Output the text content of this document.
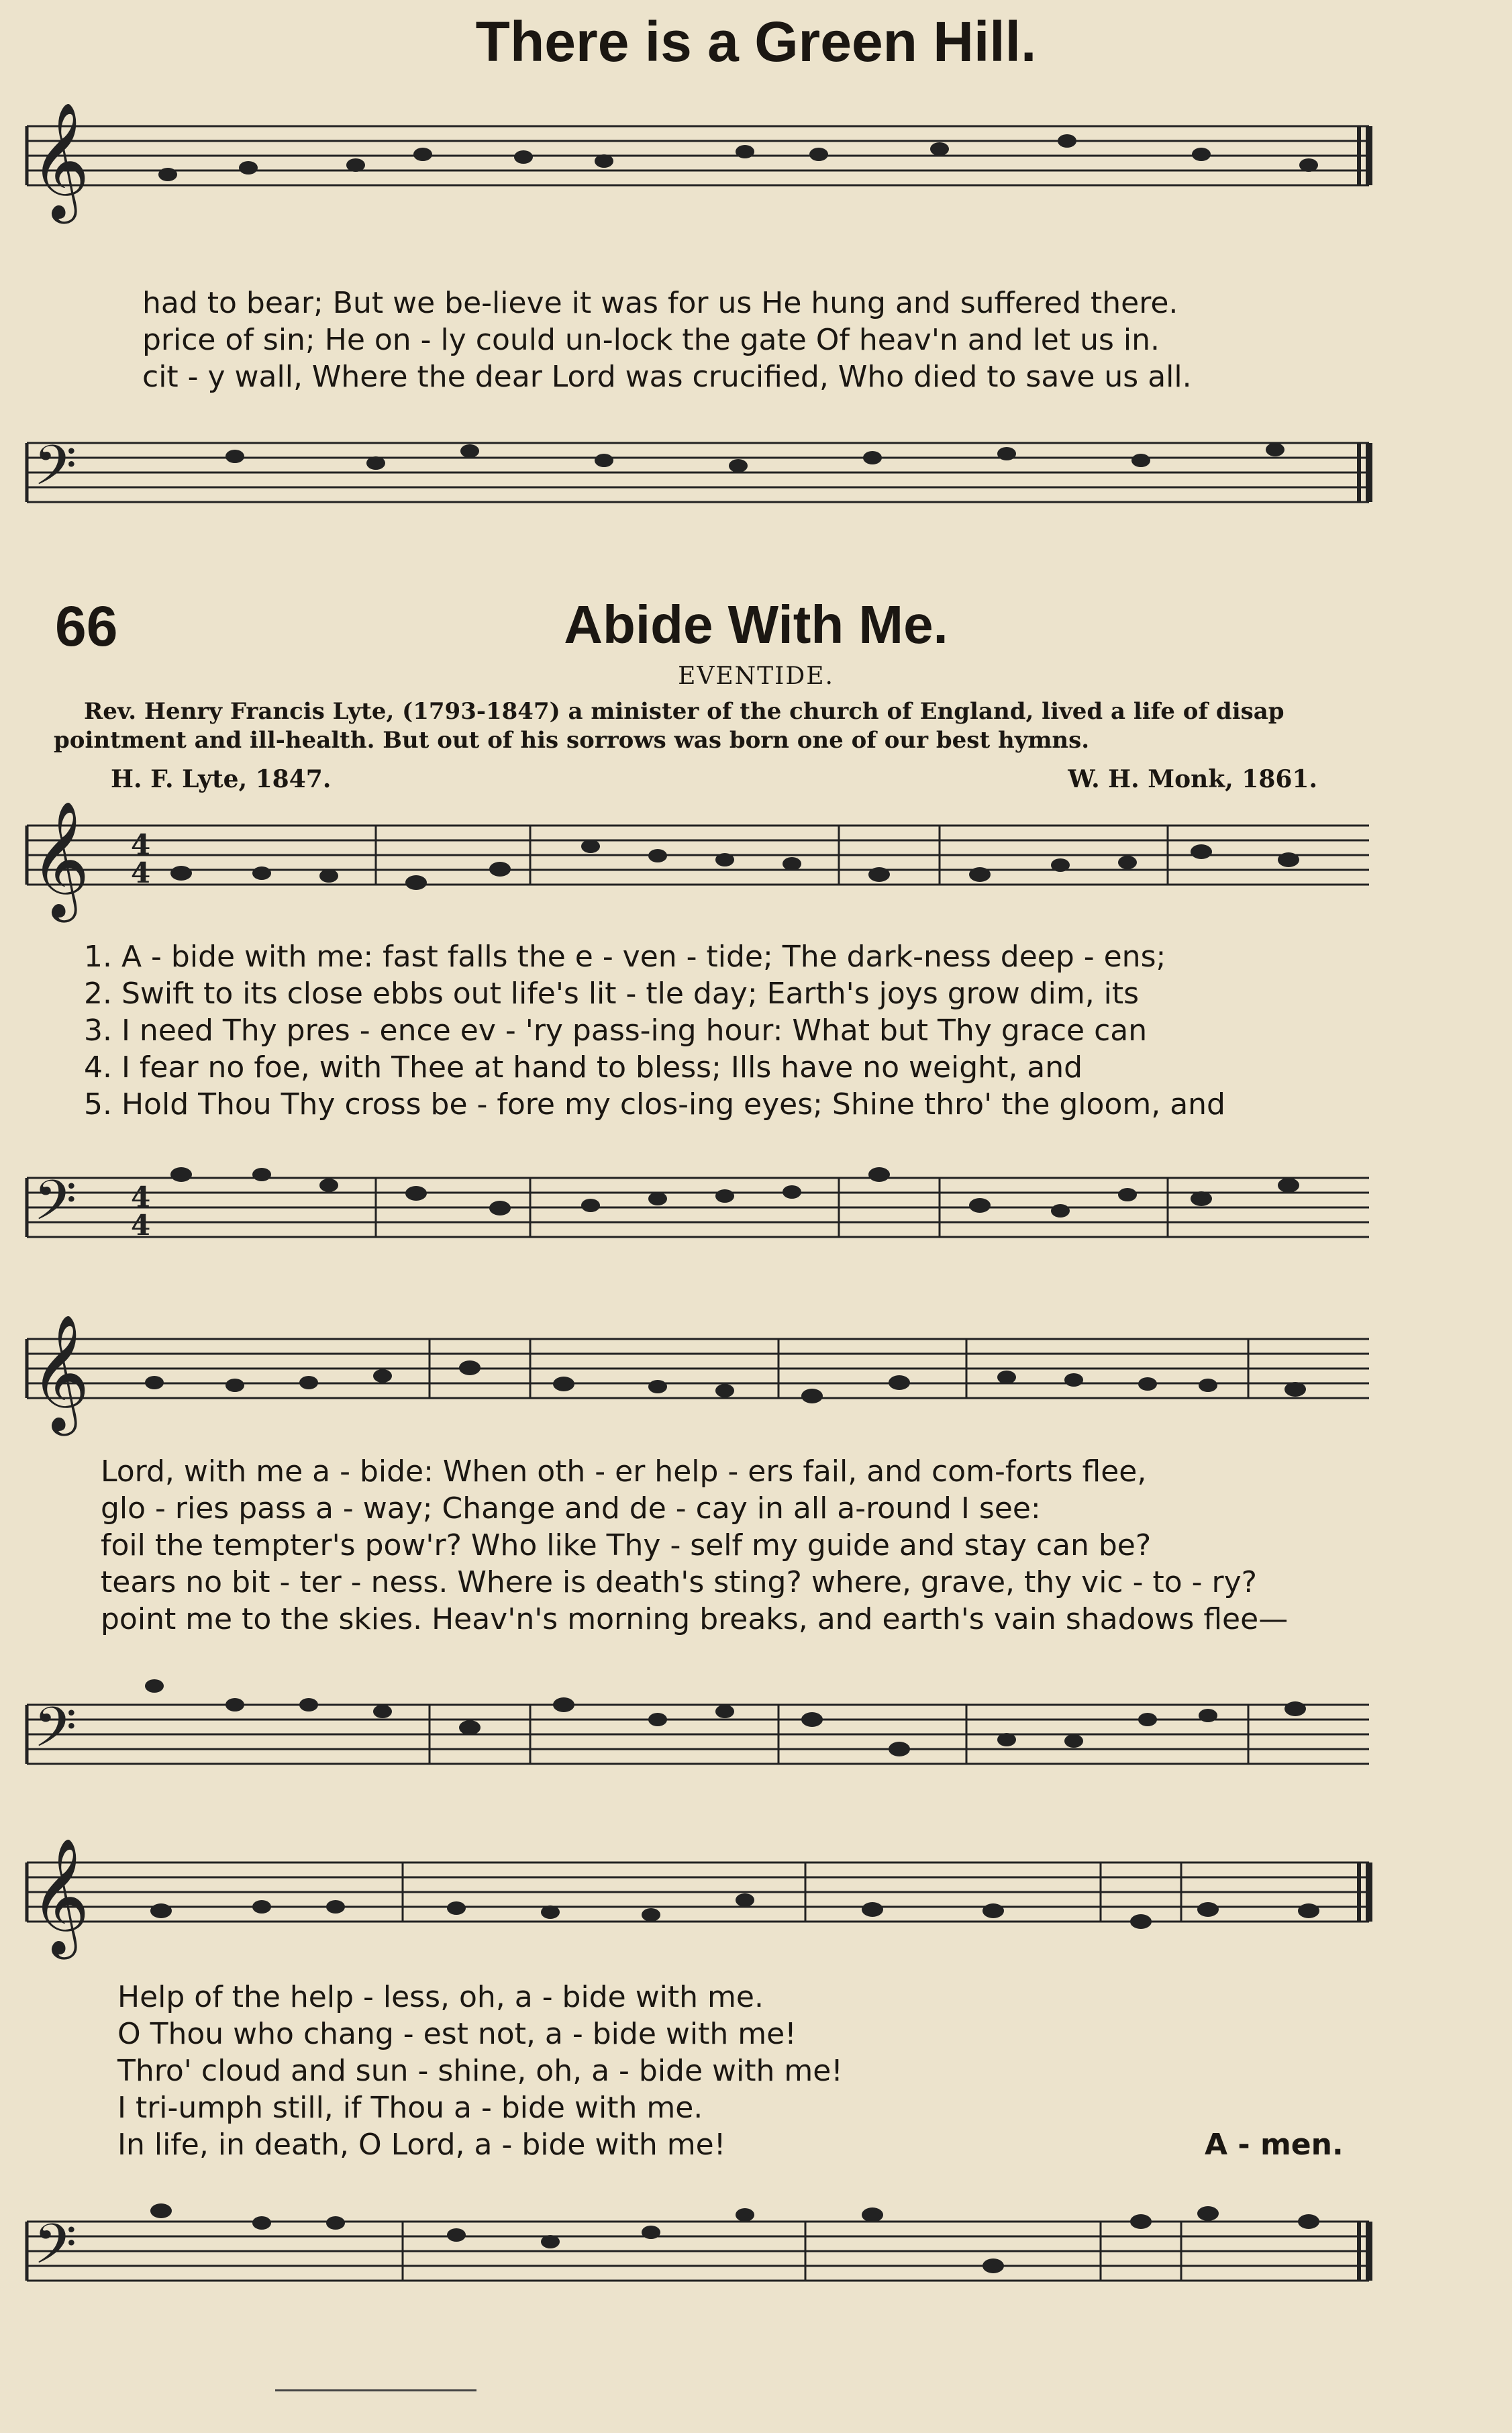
There is a Green Hill.
𝄞
had to bear; But we be-lieve it was for us He hung and suffered there.
price of sin; He on - ly could un-lock the gate Of heav'n and let us in.
cit - y wall, Where the dear Lord was crucified, Who died to save us all.
𝄢
66	Abide With Me.
EVENTIDE.
Rev. Henry Francis Lyte, (1793-1847) a minister of the church of England, lived a life of disap
pointment and ill-health. But out of his sorrows was born one of our best hymns.
H. F. Lyte, 1847.	W. H. Monk, 1861.
𝄞 4
4
1. A - bide with me: fast falls the e - ven - tide; The dark-ness deep - ens;
2. Swift to its close ebbs out life's lit - tle day; Earth's joys grow dim, its
3. I need Thy pres - ence ev - 'ry pass-ing hour: What but Thy grace can
4. I fear no foe, with Thee at hand to bless; Ills have no weight, and
5. Hold Thou Thy cross be - fore my clos-ing eyes; Shine thro' the gloom, and
𝄢 4
4
𝄞
Lord, with me a - bide: When oth - er help - ers fail, and com-forts flee,
glo - ries pass a - way; Change and de - cay in all a-round I see:
foil the tempter's pow'r? Who like Thy - self my guide and stay can be?
tears no bit - ter - ness. Where is death's sting? where, grave, thy vic - to - ry?
point me to the skies. Heav'n's morning breaks, and earth's vain shadows flee—
𝄢
𝄞
Help of the help - less, oh, a - bide with me.
O Thou who chang - est not, a - bide with me!
Thro' cloud and sun - shine, oh, a - bide with me!
I tri-umph still, if Thou a - bide with me.
In life, in death, O Lord, a - bide with me!	A - men.
𝄢
